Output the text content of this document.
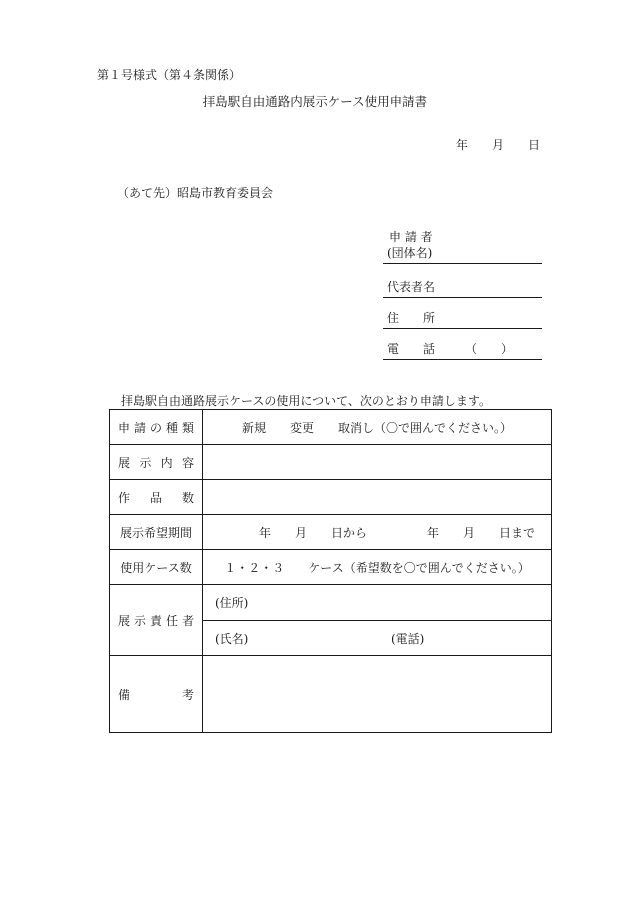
第１号様式（第４条関係）
拝島駅自由通路内展示ケース使用申請書
年 月 日
（あて先）昭島市教育委員会
申 請 者
(団体名)
代表者名
住　　所
電　　話　　　（　　）
拝島駅自由通路展示ケースの使用について、次のとおり申請します。
申 請 の 種 類	新規　　変更　　取消し（〇で囲んでください。）

展 示 内 容	

作 品 数	

展示希望期間	年　　月　　日から　　　　　年　　月　　日まで
使用ケース数	１・２・３　　ケース（希望数を〇で囲んでください。）

展 示 責 任 者	(住所)

	(氏名) (電話)

備 考	
